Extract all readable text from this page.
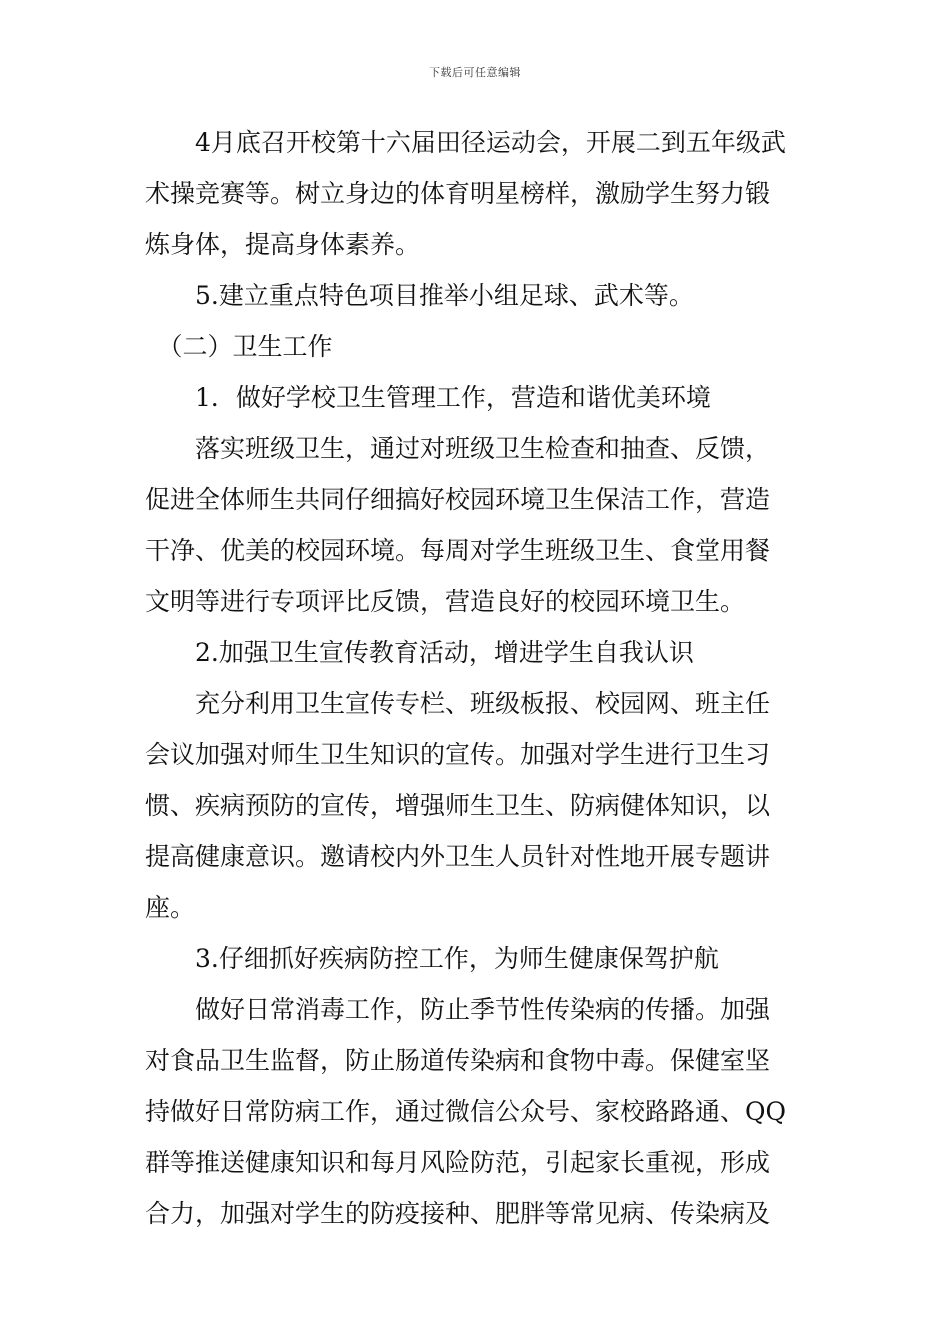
下载后可任意编辑
　　4月底召开校第十六届田径运动会，开展二到五年级武
术操竞赛等。树立身边的体育明星榜样，激励学生努力锻
炼身体，提高身体素养。
　　5.建立重点特色项目推举小组足球、武术等。
　（二）卫生工作
　　1．做好学校卫生管理工作，营造和谐优美环境
　　落实班级卫生，通过对班级卫生检查和抽查、反馈，
促进全体师生共同仔细搞好校园环境卫生保洁工作，营造
干净、优美的校园环境。每周对学生班级卫生、食堂用餐
文明等进行专项评比反馈，营造良好的校园环境卫生。
　　2.加强卫生宣传教育活动，增进学生自我认识
　　充分利用卫生宣传专栏、班级板报、校园网、班主任
会议加强对师生卫生知识的宣传。加强对学生进行卫生习
惯、疾病预防的宣传，增强师生卫生、防病健体知识，以
提高健康意识。邀请校内外卫生人员针对性地开展专题讲
座。
　　3.仔细抓好疾病防控工作，为师生健康保驾护航
　　做好日常消毒工作，防止季节性传染病的传播。加强
对食品卫生监督，防止肠道传染病和食物中毒。保健室坚
持做好日常防病工作，通过微信公众号、家校路路通、QQ
群等推送健康知识和每月风险防范，引起家长重视，形成
合力，加强对学生的防疫接种、肥胖等常见病、传染病及
